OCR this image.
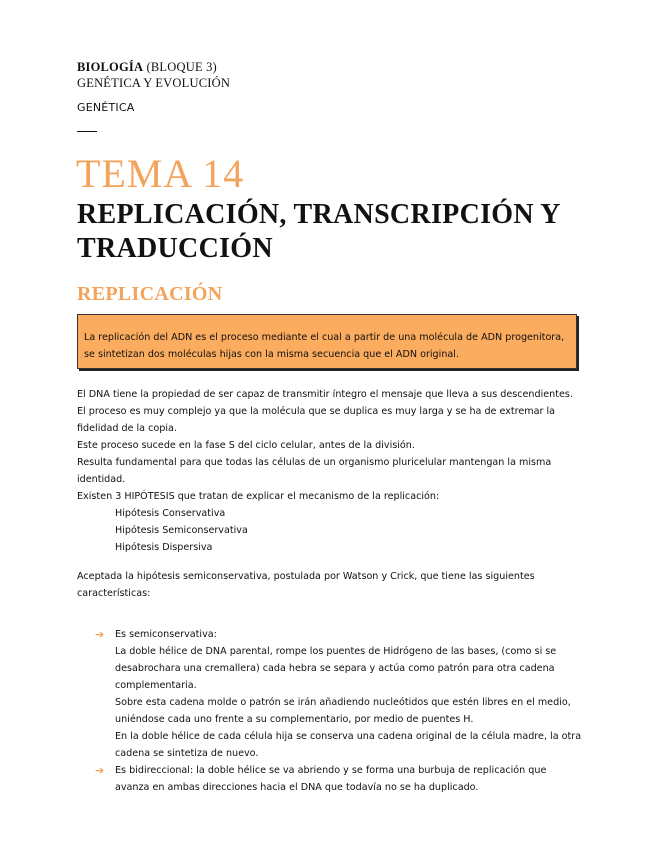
BIOLOGÍA (BLOQUE 3)
GENÉTICA Y EVOLUCIÓN
GENÉTICA
TEMA 14
REPLICACIÓN, TRANSCRIPCIÓN Y TRADUCCIÓN
REPLICACIÓN
La replicación del ADN es el proceso mediante el cual a partir de una molécula de ADN progenitora, se sintetizan dos moléculas hijas con la misma secuencia que el ADN original.

El DNA tiene la propiedad de ser capaz de transmitir íntegro el mensaje que lleva a sus descendientes.

El proceso es muy complejo ya que la molécula que se duplica es muy larga y se ha de extremar la fidelidad de la copia.

Este proceso sucede en la fase S del ciclo celular, antes de la división.

Resulta fundamental para que todas las células de un organismo pluricelular mantengan la misma identidad.

Existen 3 HIPÓTESIS que tratan de explicar el mecanismo de la replicación:

Hipótesis Conservativa

Hipótesis Semiconservativa

Hipótesis Dispersiva

Aceptada la hipótesis semiconservativa, postulada por Watson y Crick, que tiene las siguientes características:

➔ Es semiconservativa:

La doble hélice de DNA parental, rompe los puentes de Hidrógeno de las bases, (como si se desabrochara una cremallera) cada hebra se separa y actúa como patrón para otra cadena complementaria.

Sobre esta cadena molde o patrón se irán añadiendo nucleótidos que estén libres en el medio, uniéndose cada uno frente a su complementario, por medio de puentes H.

En la doble hélice de cada célula hija se conserva una cadena original de la célula madre, la otra cadena se sintetiza de nuevo.

➔ Es bidireccional: la doble hélice se va abriendo y se forma una burbuja de replicación que avanza en ambas direcciones hacia el DNA que todavía no se ha duplicado.
